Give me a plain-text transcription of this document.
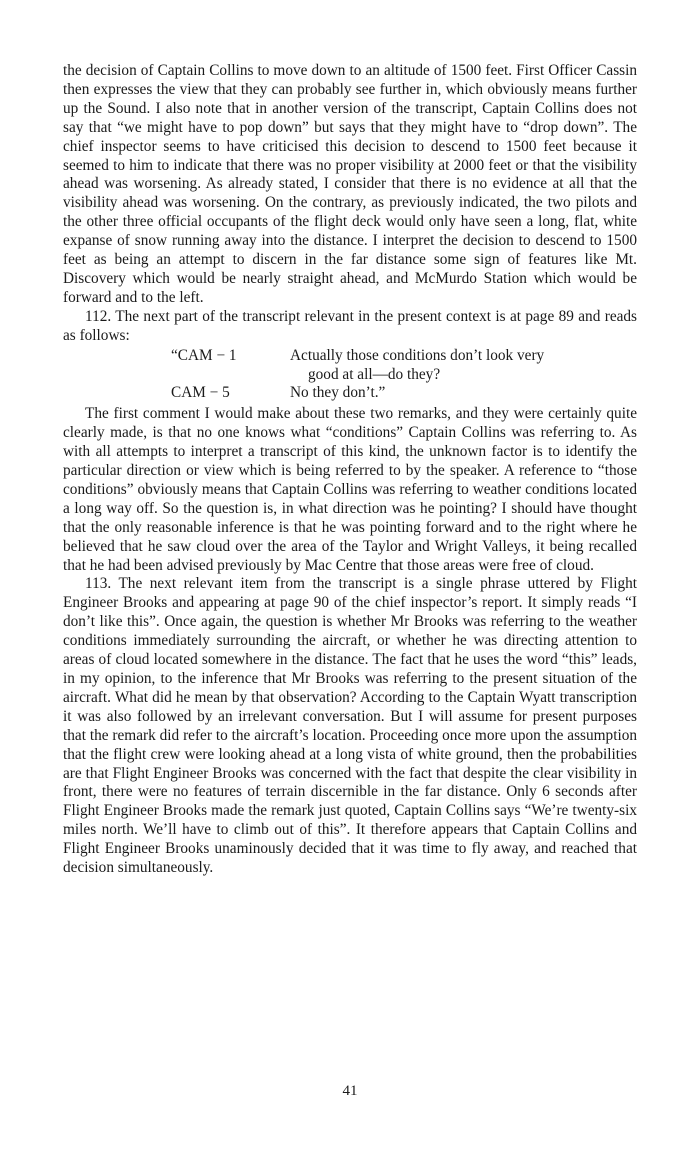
the decision of Captain Collins to move down to an altitude of 1500 feet. First Officer Cassin then expresses the view that they can probably see further in, which obviously means further up the Sound. I also note that in another version of the transcript, Captain Collins does not say that “we might have to pop down” but says that they might have to “drop down”. The chief inspector seems to have criticised this decision to descend to 1500 feet because it seemed to him to indicate that there was no proper visibility at 2000 feet or that the visibility ahead was worsening. As already stated, I consider that there is no evidence at all that the visibility ahead was worsening. On the contrary, as previously indicated, the two pilots and the other three official occupants of the flight deck would only have seen a long, flat, white expanse of snow running away into the distance. I interpret the decision to descend to 1500 feet as being an attempt to discern in the far distance some sign of features like Mt. Discovery which would be nearly straight ahead, and McMurdo Station which would be forward and to the left.

112. The next part of the transcript relevant in the present context is at page 89 and reads as follows:

“CAM − 1	Actually those conditions don’t look very
good at all—do they?
CAM − 5	No they don’t.”

The first comment I would make about these two remarks, and they were certainly quite clearly made, is that no one knows what “conditions” Captain Collins was referring to. As with all attempts to interpret a transcript of this kind, the unknown factor is to identify the particular direction or view which is being referred to by the speaker. A reference to “those conditions” obviously means that Captain Collins was referring to weather conditions located a long way off. So the question is, in what direction was he pointing? I should have thought that the only reasonable inference is that he was pointing forward and to the right where he believed that he saw cloud over the area of the Taylor and Wright Valleys, it being recalled that he had been advised previously by Mac Centre that those areas were free of cloud.

113. The next relevant item from the transcript is a single phrase uttered by Flight Engineer Brooks and appearing at page 90 of the chief inspector’s report. It simply reads “I don’t like this”. Once again, the question is whether Mr Brooks was referring to the weather conditions immediately surrounding the aircraft, or whether he was directing attention to areas of cloud located somewhere in the distance. The fact that he uses the word “this” leads, in my opinion, to the inference that Mr Brooks was referring to the present situation of the aircraft. What did he mean by that observation? According to the Captain Wyatt transcription it was also followed by an irrelevant conversation. But I will assume for present purposes that the remark did refer to the aircraft’s location. Proceeding once more upon the assumption that the flight crew were looking ahead at a long vista of white ground, then the probabilities are that Flight Engineer Brooks was concerned with the fact that despite the clear visibility in front, there were no features of terrain discernible in the far distance. Only 6 seconds after Flight Engineer Brooks made the remark just quoted, Captain Collins says “We’re twenty-six miles north. We’ll have to climb out of this”. It therefore appears that Captain Collins and Flight Engineer Brooks unaminously decided that it was time to fly away, and reached that decision simultaneously.

41
